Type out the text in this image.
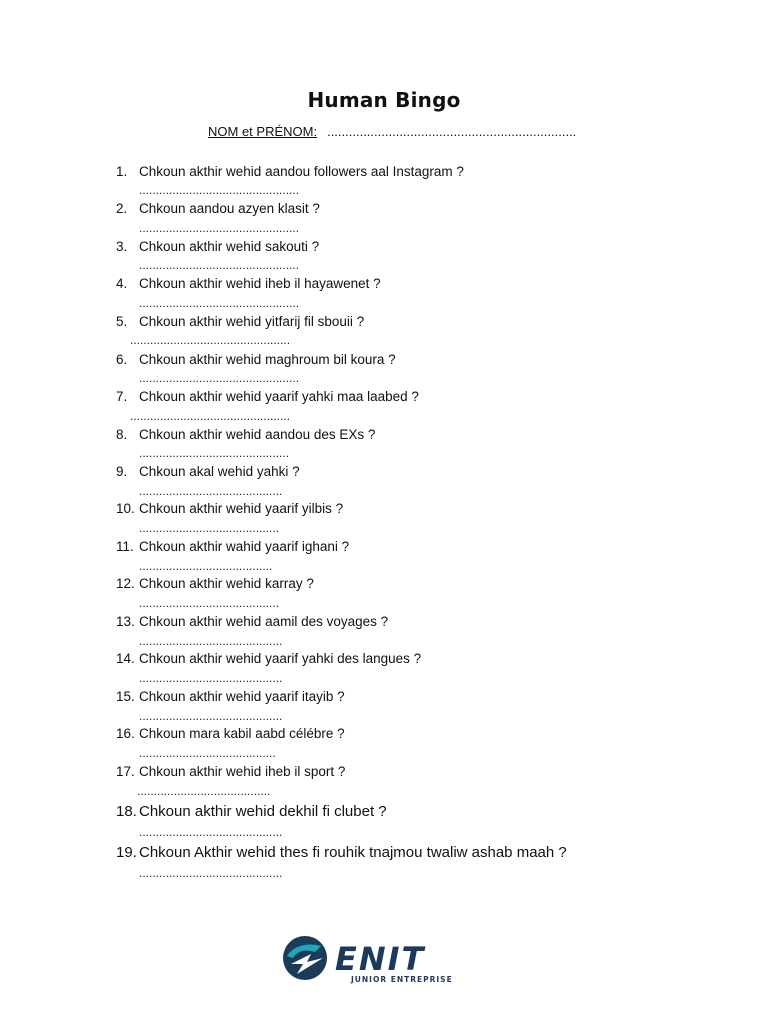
Human Bingo
NOM et PRÉNOM: .....................................................................
1. Chkoun akthir wehid aandou followers aal Instagram ?
................................................
2. Chkoun aandou azyen klasit ?
................................................
3. Chkoun akthir wehid sakouti ?
................................................
4. Chkoun akthir wehid iheb il hayawenet ?
................................................
5. Chkoun akthir wehid yitfarij fil sbouii ?
................................................
6. Chkoun akthir wehid maghroum bil koura ?
................................................
7. Chkoun akthir wehid yaarif yahki maa laabed ?
................................................
8. Chkoun akthir wehid aandou des EXs ?
.............................................
9. Chkoun akal wehid yahki ?
...........................................
10. Chkoun akthir wehid yaarif yilbis ?
..........................................
11. Chkoun akthir wahid yaarif ighani ?
........................................
12. Chkoun akthir wehid karray ?
..........................................
13. Chkoun akthir wehid aamil des voyages ?
...........................................
14. Chkoun akthir wehid yaarif yahki des langues ?
...........................................
15. Chkoun akthir wehid yaarif itayib ?
...........................................
16. Chkoun mara kabil aabd célébre ?
.........................................
17. Chkoun akthir wehid iheb il sport ?
........................................
18. Chkoun akthir wehid dekhil fi clubet ?
...........................................
19. Chkoun Akthir wehid thes fi rouhik tnajmou twaliw ashab maah ?
...........................................
ENIT
JUNIOR ENTREPRISE
